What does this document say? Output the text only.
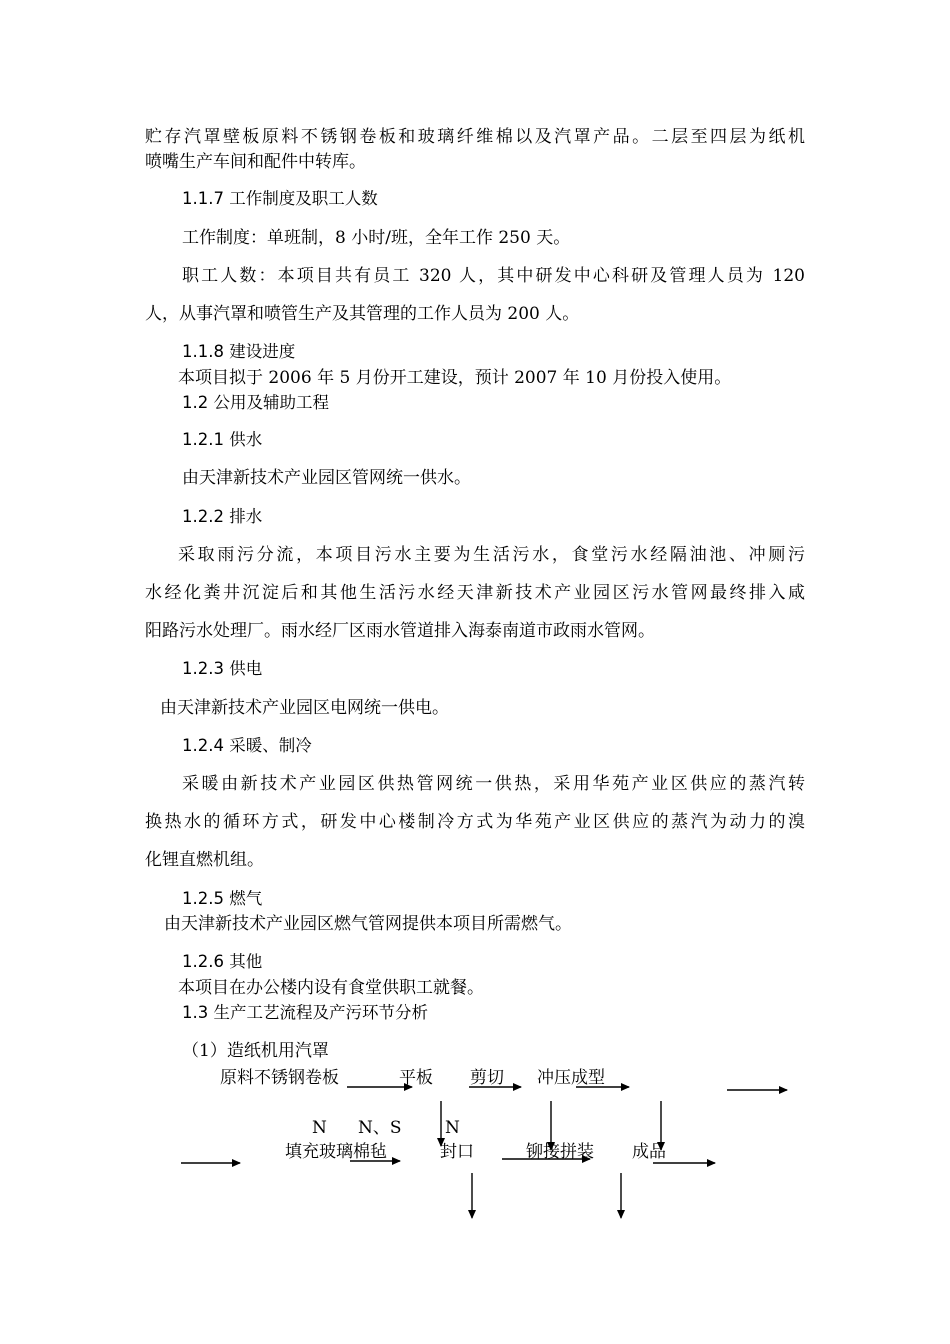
贮存汽罩壁板原料不锈钢卷板和玻璃纤维棉以及汽罩产品。二层至四层为纸机
喷嘴生产车间和配件中转库。
1.1.7 工作制度及职工人数
工作制度：单班制，8 小时/班，全年工作 250 天。
职工人数：本项目共有员工 320 人，其中研发中心科研及管理人员为 120
人，从事汽罩和喷管生产及其管理的工作人员为 200 人。
1.1.8 建设进度
本项目拟于 2006 年 5 月份开工建设，预计 2007 年 10 月份投入使用。
1.2 公用及辅助工程
1.2.1 供水
由天津新技术产业园区管网统一供水。
1.2.2 排水
采取雨污分流，本项目污水主要为生活污水，食堂污水经隔油池、冲厕污
水经化粪井沉淀后和其他生活污水经天津新技术产业园区污水管网最终排入咸
阳路污水处理厂。雨水经厂区雨水管道排入海泰南道市政雨水管网。
1.2.3 供电
由天津新技术产业园区电网统一供电。
1.2.4 采暖、制冷
采暖由新技术产业园区供热管网统一供热，采用华苑产业区供应的蒸汽转
换热水的循环方式，研发中心楼制冷方式为华苑产业区供应的蒸汽为动力的溴
化锂直燃机组。
1.2.5 燃气
由天津新技术产业园区燃气管网提供本项目所需燃气。
1.2.6 其他
本项目在办公楼内设有食堂供职工就餐。
1.3 生产工艺流程及产污环节分析
（1）造纸机用汽罩
原料不锈钢卷板	平板 剪切 冲压成型
N N、S	N
填充玻璃棉毡	封口	铆接拼装 成品
